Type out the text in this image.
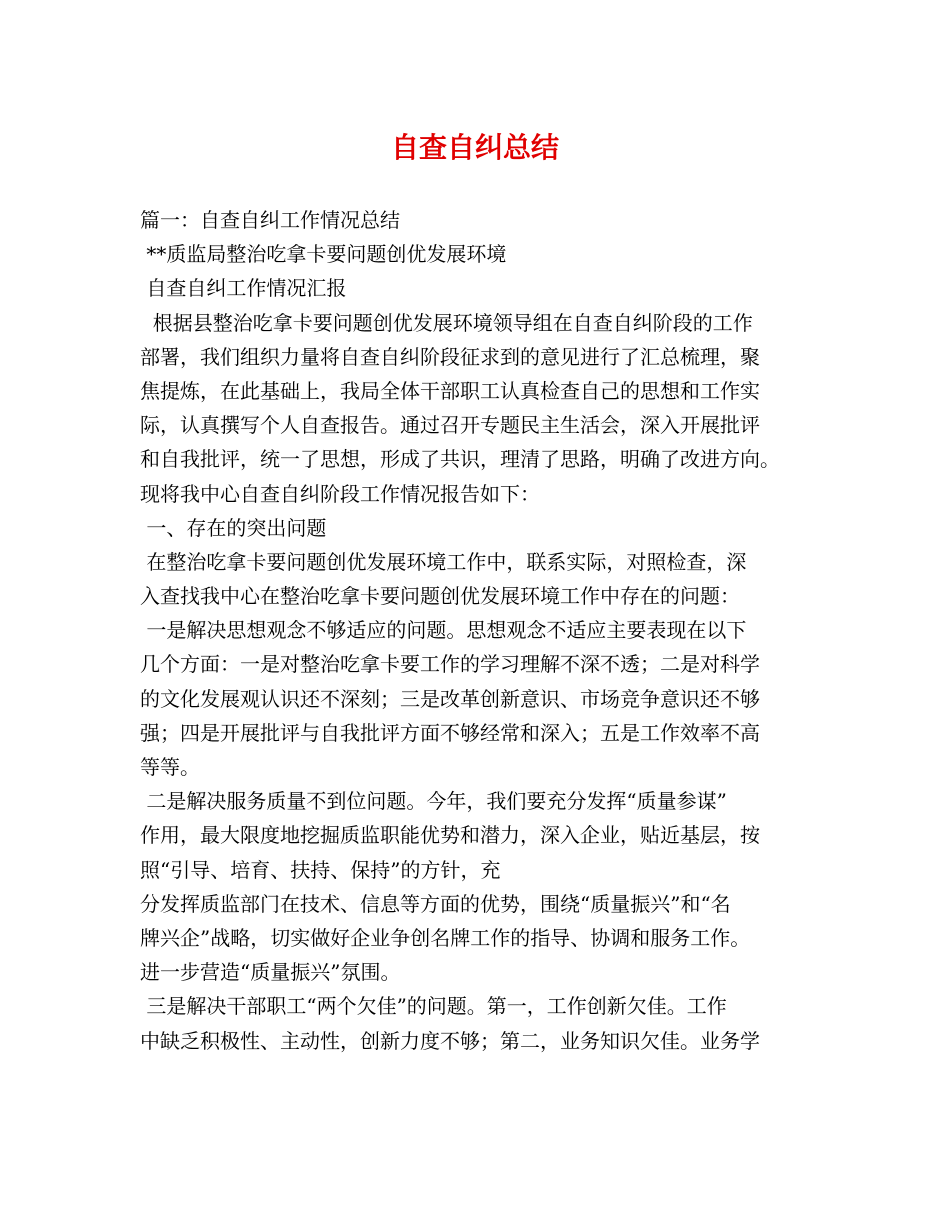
自查自纠总结
篇一：自查自纠工作情况总结
**质监局整治吃拿卡要问题创优发展环境
自查自纠工作情况汇报
根据县整治吃拿卡要问题创优发展环境领导组在自查自纠阶段的工作
部署，我们组织力量将自查自纠阶段征求到的意见进行了汇总梳理，聚
焦提炼，在此基础上，我局全体干部职工认真检查自己的思想和工作实
际，认真撰写个人自查报告。通过召开专题民主生活会，深入开展批评
和自我批评，统一了思想，形成了共识，理清了思路，明确了改进方向。
现将我中心自查自纠阶段工作情况报告如下：
一、存在的突出问题
在整治吃拿卡要问题创优发展环境工作中，联系实际，对照检查，深
入查找我中心在整治吃拿卡要问题创优发展环境工作中存在的问题：
一是解决思想观念不够适应的问题。思想观念不适应主要表现在以下
几个方面：一是对整治吃拿卡要工作的学习理解不深不透；二是对科学
的文化发展观认识还不深刻；三是改革创新意识、市场竞争意识还不够
强；四是开展批评与自我批评方面不够经常和深入；五是工作效率不高
等等。
二是解决服务质量不到位问题。今年，我们要充分发挥“质量参谋”
作用，最大限度地挖掘质监职能优势和潜力，深入企业，贴近基层，按
照“引导、培育、扶持、保持”的方针，充
分发挥质监部门在技术、信息等方面的优势，围绕“质量振兴”和“名
牌兴企”战略，切实做好企业争创名牌工作的指导、协调和服务工作。
进一步营造“质量振兴”氛围。
三是解决干部职工“两个欠佳”的问题。第一，工作创新欠佳。工作
中缺乏积极性、主动性，创新力度不够；第二，业务知识欠佳。业务学
